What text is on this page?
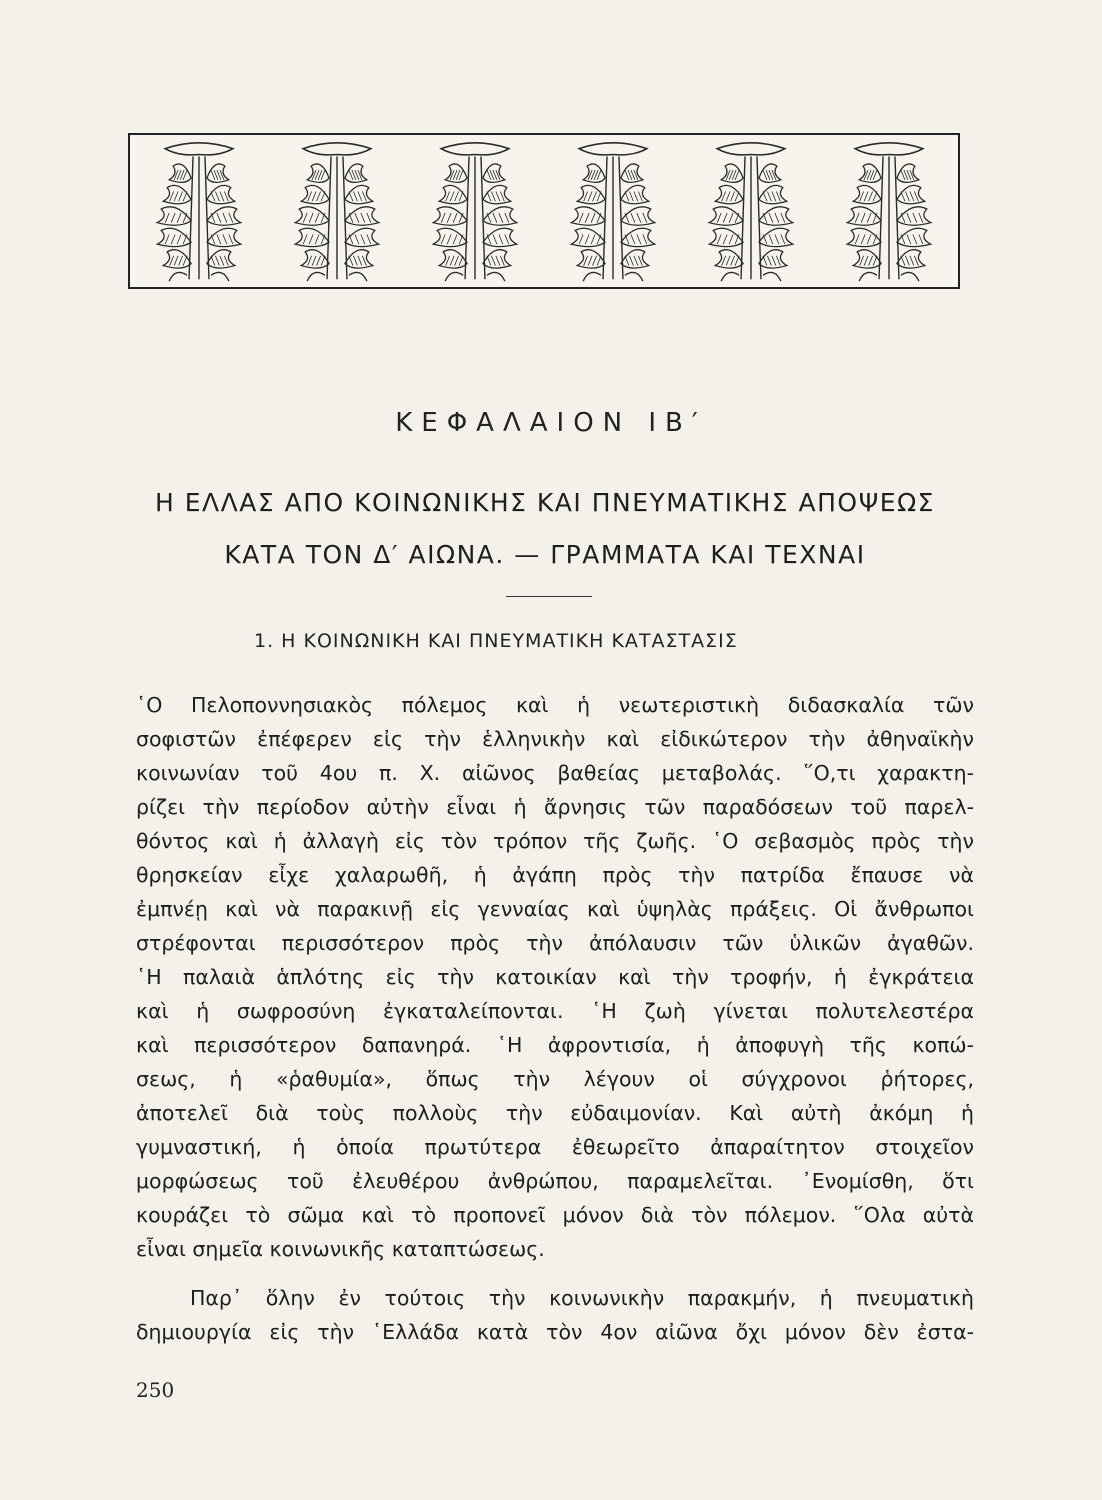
ΚΕΦΑΛΑΙΟΝ ΙΒ′
Η ΕΛΛΑΣ ΑΠΟ ΚΟΙΝΩΝΙΚΗΣ ΚΑΙ ΠΝΕΥΜΑΤΙΚΗΣ ΑΠΟΨΕΩΣ
ΚΑΤΑ ΤΟΝ Δ′ ΑΙΩΝΑ. — ΓΡΑΜΜΑΤΑ ΚΑΙ ΤΕΧΝΑΙ
1. Η ΚΟΙΝΩΝΙΚΗ ΚΑΙ ΠΝΕΥΜΑΤΙΚΗ ΚΑΤΑΣΤΑΣΙΣ
῾Ο Πελοποννησιακὸς πόλεμος καὶ ἡ νεωτεριστικὴ διδασκαλία τῶν
σοφιστῶν ἐπέφερεν εἰς τὴν ἑλληνικὴν καὶ εἰδικώτερον τὴν ἀθηναϊκὴν
κοινωνίαν τοῦ 4ου π. Χ. αἰῶνος βαθείας μεταβολάς. ῞Ο,τι χαρακτη-
ρίζει τὴν περίοδον αὐτὴν εἶναι ἡ ἄρνησις τῶν παραδόσεων τοῦ παρελ-
θόντος καὶ ἡ ἀλλαγὴ εἰς τὸν τρόπον τῆς ζωῆς. ῾Ο σεβασμὸς πρὸς τὴν
θρησκείαν εἶχε χαλαρωθῆ, ἡ ἀγάπη πρὸς τὴν πατρίδα ἔπαυσε νὰ
ἐμπνέῃ καὶ νὰ παρακινῇ εἰς γενναίας καὶ ὑψηλὰς πράξεις. Οἱ ἄνθρωποι
στρέφονται περισσότερον πρὸς τὴν ἀπόλαυσιν τῶν ὑλικῶν ἀγαθῶν.
῾Η παλαιὰ ἁπλότης εἰς τὴν κατοικίαν καὶ τὴν τροφήν, ἡ ἐγκράτεια
καὶ ἡ σωφροσύνη ἐγκαταλείπονται. ῾Η ζωὴ γίνεται πολυτελεστέρα
καὶ περισσότερον δαπανηρά. ῾Η ἀφροντισία, ἡ ἀποφυγὴ τῆς κοπώ-
σεως, ἡ «ῥαθυμία», ὅπως τὴν λέγουν οἱ σύγχρονοι ῥήτορες,
ἀποτελεῖ διὰ τοὺς πολλοὺς τὴν εὐδαιμονίαν. Καὶ αὐτὴ ἀκόμη ἡ
γυμναστική, ἡ ὁποία πρωτύτερα ἐθεωρεῖτο ἀπαραίτητον στοιχεῖον
μορφώσεως τοῦ ἐλευθέρου ἀνθρώπου, παραμελεῖται. ᾿Ενομίσθη, ὅτι
κουράζει τὸ σῶμα καὶ τὸ προπονεῖ μόνον διὰ τὸν πόλεμον. ῞Ολα αὐτὰ
εἶναι σημεῖα κοινωνικῆς καταπτώσεως.
Παρ᾿ ὅλην ἐν τούτοις τὴν κοινωνικὴν παρακμήν, ἡ πνευματικὴ
δημιουργία εἰς τὴν ῾Ελλάδα κατὰ τὸν 4ον αἰῶνα ὄχι μόνον δὲν ἐστα-
250
